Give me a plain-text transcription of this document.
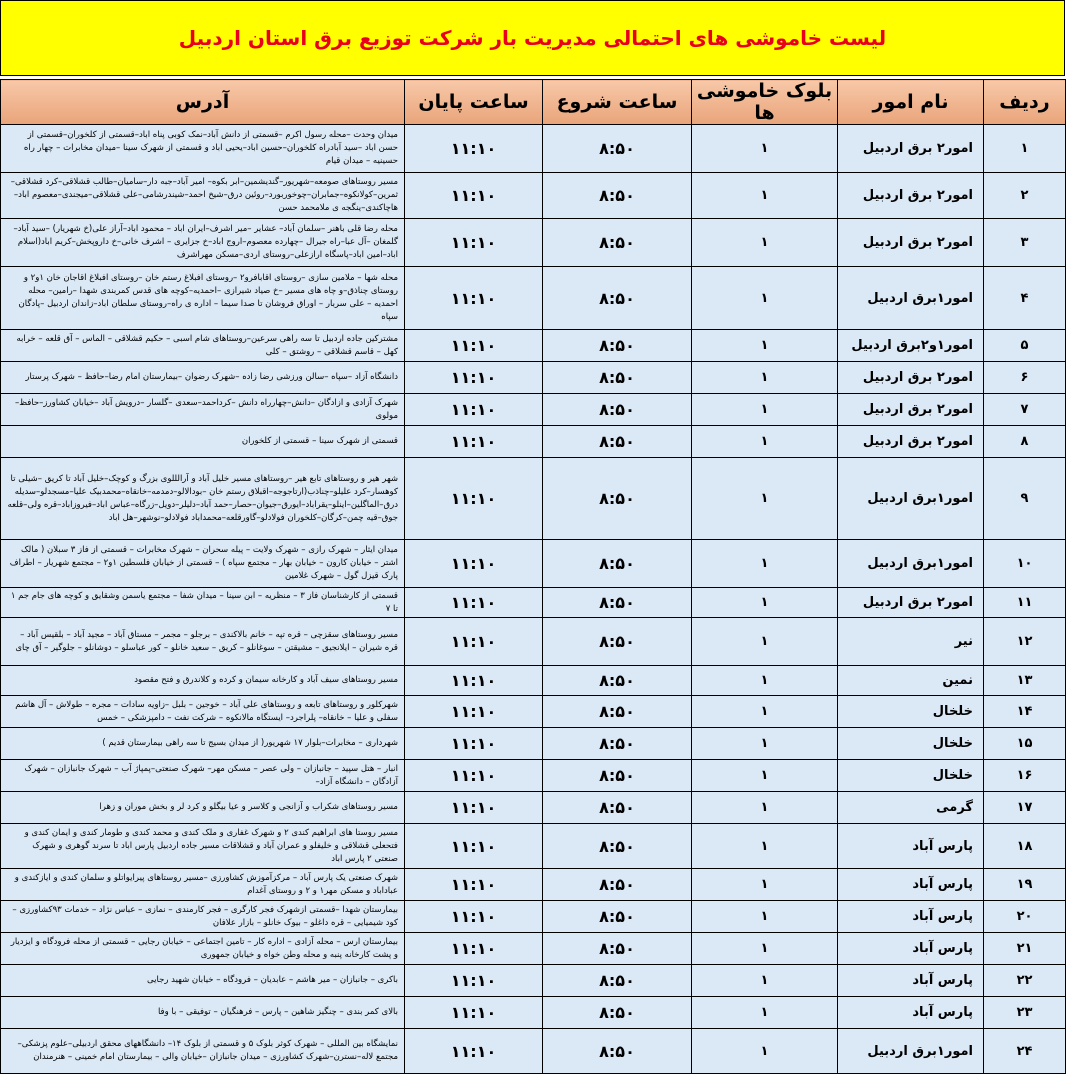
لیست خاموشی های احتمالی مدیریت بار شرکت توزیع برق استان اردبیل
ردیف	نام امور	بلوک خاموشی ها	ساعت شروع	ساعت پایان	آدرس
۱	امور۲ برق اردبیل	۱	۸:۵۰	۱۱:۱۰	میدان وحدت –محله رسول اکرم –قسمتی از دانش آباد–نمک کوبی پناه اباد–قسمتی از کلخوران–قسمتی از حسن اباد –سید آبادراه کلخوران–حسین اباد–یحیی اباد و قسمتی از شهرک سینا –میدان مخابرات – چهار راه حسینیه – میدان قیام
۲	امور۲ برق اردبیل	۱	۸:۵۰	۱۱:۱۰	مسیر روستاهای صومعه–شهریور–گندیشمین–ابر بکوه– امیر آباد–جبه دار–سامیان–طالب قشلاقی–کرد قشلاقی–ثمرین–کولانکوه–جمابران–چوخوربورد–روئین درق–شیخ احمد–شیندرشامی–علی قشلاقی–میجندی–معصوم اباد–هاچاکندی–ینگجه ی ملامحمد حسن
۳	امور۲ برق اردبیل	۱	۸:۵۰	۱۱:۱۰	محله رضا قلی باهنر –سلمان آباد– عشایر –میر اشرف–ایران اباد – محمود اباد–آراز علی(خ شهریار) –سید آباد–گلمغان –آل عبا–راه جیرال –چهارده معصوم–اروج اباد–خ جزایری – اشرف خانی–خ داروپخش–کریم اباد(اسلام اباد–امین اباد–پاسگاه ارازعلی–روستای اردی–مسکن مهراشرف
۴	امور۱برق اردبیل	۱	۸:۵۰	۱۱:۱۰	محله شها – ملامین سازی –روستای اقابافرو۲ –روستای افبلاغ رستم خان –روستای افبلاغ اقاجان خان ۱و۲ و روستای چناذق–و چاه های مسیر –خ صیاد شیرازی –احمدیه–کوچه های قدس کمربندی شهدا –رامین– محله احمدیه – علی سربار – اوراق فروشان تا صدا سیما – اداره ی راه–روستای سلطان اباد–زاندان اردبیل –پادگان سپاه
۵	امور۱و۲برق اردبیل	۱	۸:۵۰	۱۱:۱۰	مشترکین جاده اردبیل تا سه راهی سرعین–روستاهای شام اسبی – حکیم قشلاقی – الماس – آق قلعه – خرابه کهل – قاسم قشلاقی – روشتق – کلی
۶	امور۲ برق اردبیل	۱	۸:۵۰	۱۱:۱۰	دانشگاه آزاد –سپاه –سالن ورزشی رضا زاده –شهرک رضوان –بیمارستان امام رضا–حافظ – شهرک پرستار
۷	امور۲ برق اردبیل	۱	۸:۵۰	۱۱:۱۰	شهرک آزادی و ازادگان –دانش–چهارراه دانش –کرداحمد–سعدی –گلسار –درویش آباد –خیابان کشاورز–حافظ– مولوی
۸	امور۲ برق اردبیل	۱	۸:۵۰	۱۱:۱۰	قسمتی از شهرک سینا – قسمتی از کلخوران
۹	امور۱برق اردبیل	۱	۸:۵۰	۱۱:۱۰	شهر هیر و روستاهای تابع هیر –روستاهای مسیر خلیل آباد و آرالللوی بزرگ و کوچک–خلیل آباد تا کریق –شیلی تا کوهسار–کرد علیلو–چناذب(ارتاجوجه–اقبلاق رستم خان –بودالالو–دمدمه–خانقاه–محمدبیک علیا–مسجدلو–سدیله درق–الماگلین–اینلو–یقراباد–ایورق–جیوان–حصار–حمد آباد–دلیلر–دویل–زرگاه–عباس اباد–فیروزاباد–قره ولی–قلعه جوق–قیه چمن–کرگان–کلخوران فولادلو–گاورقلعه–محمداباد فولادلو–نوشهر–هل اباد
۱۰	امور۱برق اردبیل	۱	۸:۵۰	۱۱:۱۰	میدان ایثار – شهرک رازی – شهرک ولایت – پیله سحران – شهرک مخابرات – قسمتی از فاز ۳ سبلان ( مالک اشتر – خیابان کارون – خیابان بهار – مجتمع سپاه ) – قسمتی از خیابان فلسطین ۱و۲ – مجتمع شهریار – اطراف پارک قیزل گول – شهرک غلامین
۱۱	امور۲ برق اردبیل	۱	۸:۵۰	۱۱:۱۰	قسمتی از کارشناسان فاز ۳ – منظریه – ابن سینا – میدان شفا – مجتمع یاسمن وشقایق و کوچه های جام جم ۱ تا ۷
۱۲	نیر	۱	۸:۵۰	۱۱:۱۰	مسیر روستاهای سقزچی – قره تپه – خانم بالاکندی – برجلو – مجمر – مستاق آباد – مجید آباد – بلقیس آباد – قره شیران – ایلانجیق – مشیقتن – سوغانلو – کریق – سعید خانلو – کور عباسلو – دوشانلو – جلوگیر – آق چای
۱۳	نمین	۱	۸:۵۰	۱۱:۱۰	مسیر روستاهای سیف آباد و کارخانه سیمان و کرده و کلاندرق و فتح مقصود
۱۴	خلخال	۱	۸:۵۰	۱۱:۱۰	شهرکلور و روستاهای تابعه و روستاهای علی آباد – خوجین – بلبل –زاویه سادات – مجره – طولاش – آل هاشم سفلی و علیا – خانقاه– پلراجرد– ایستگاه مالانکوه – شرکت نفت – دامپزشکی – خمس
۱۵	خلخال	۱	۸:۵۰	۱۱:۱۰	شهرداری – مخابرات–بلوار ۱۷ شهریور( از میدان بسیج تا سه راهی بیمارستان قدیم )
۱۶	خلخال	۱	۸:۵۰	۱۱:۱۰	انبار – هتل سپید – جانبازان – ولی عصر – مسکن مهر– شهرک صنعتی–پمپاژ آب – شهرک جانبازان – شهرک آزادگان – دانشگاه آزاد–
۱۷	گرمی	۱	۸:۵۰	۱۱:۱۰	مسیر روستاهای شکراب و آزانجی و کلاسر و عیا بیگلو و کرد لر و بخش موران و زهرا
۱۸	پارس آباد	۱	۸:۵۰	۱۱:۱۰	مسیر روستا های ابراهیم کندی ۲ و شهرک غفاری و ملک کندی و محمد کندی و طومار کندی و ایمان کندی و فتحعلی قشلاقی و خلیفلو و عمران آباد و قشلاقات مسیر جاده اردبیل پارس اباد تا سرند گوهری و شهرک صنعتی ۲ پارس اباد
۱۹	پارس آباد	۱	۸:۵۰	۱۱:۱۰	شهرک صنعتی یک پارس آباد – مرکزآموزش کشاورزی –مسیر روستاهای پیرایواتلو و سلمان کندی و ایازکندی و عباداباد و مسکن مهر۱ و ۲ و روستای آغدام
۲۰	پارس آباد	۱	۸:۵۰	۱۱:۱۰	بیمارستان شهدا –قسمتی ازشهرک فجر کارگری – فجر کارمندی – نمازی – عباس نژاد – خدمات ۹۳کشاورزی – کود شیمیایی – قره داغلو – بیوک خانلو – بازار علافان
۲۱	پارس آباد	۱	۸:۵۰	۱۱:۱۰	بیمارستان ارس – محله آزادی – اداره کار – تامین اجتماعی – خیابان رجایی – قسمتی از محله فرودگاه و ایزدیار و پشت کارخانه پنبه و محله وطن خواه و خیابان جمهوری
۲۲	پارس آباد	۱	۸:۵۰	۱۱:۱۰	باکری – جانبازان – میر هاشم – عابدیان – فرودگاه – خیابان شهید رجایی
۲۳	پارس آباد	۱	۸:۵۰	۱۱:۱۰	بالای کمر بندی – چنگیز شاهین – پارس – فرهنگیان – توفیقی – با وفا
۲۴	امور۱برق اردبیل	۱	۸:۵۰	۱۱:۱۰	نمایشگاه بین المللی – شهرک کوثر بلوک ۵ و قسمتی از بلوک ۱۴– دانشگاههای محقق اردبیلی–علوم پزشکی–مجتمع لاله–نسترن–شهرک کشاورزی – میدان جانبازان –خیابان والی – بیمارستان امام خمینی – هنرمندان
